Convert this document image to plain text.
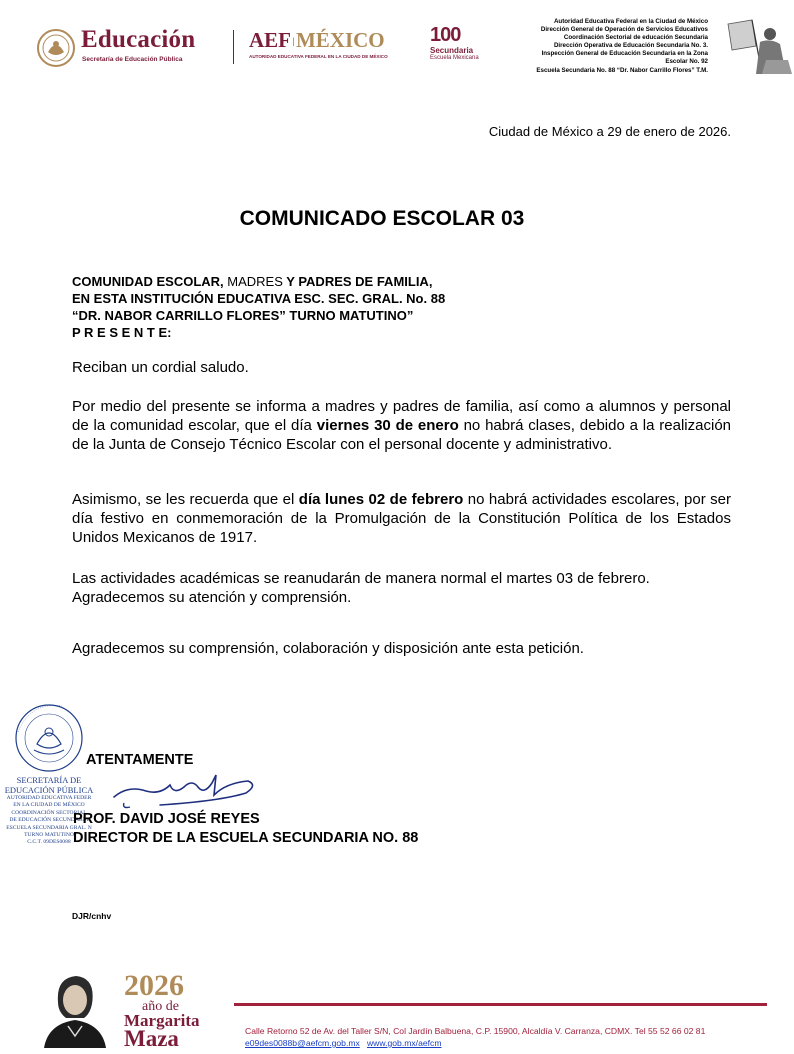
Educación
Secretaría de Educación Pública
AEF│MÉXICO
AUTORIDAD EDUCATIVA FEDERAL EN LA CIUDAD DE MÉXICO
100
Secundaria
Escuela Mexicana
Autoridad Educativa Federal en la Ciudad de México
Dirección General de Operación de Servicios Educativos
Coordinación Sectorial de educación Secundaria
Dirección Operativa de Educación Secundaria No. 3.
Inspección General de Educación Secundaria en la Zona
Escolar No. 92
Escuela Secundaria No. 88 “Dr. Nabor Carrillo Flores” T.M.
Ciudad de México a 29 de enero de 2026.
COMUNICADO ESCOLAR 03
COMUNIDAD ESCOLAR, MADRES Y PADRES DE FAMILIA,
EN ESTA INSTITUCIÓN EDUCATIVA ESC. SEC. GRAL. No. 88
“DR. NABOR CARRILLO FLORES” TURNO MATUTINO”
P R E S E N T E:
Reciban un cordial saludo.
Por medio del presente se informa a madres y padres de familia, así como a alumnos y personal de la comunidad escolar, que el día viernes 30 de enero no habrá clases, debido a la realización de la Junta de Consejo Técnico Escolar con el personal docente y administrativo.
Asimismo, se les recuerda que el día lunes 02 de febrero no habrá actividades escolares, por ser día festivo en conmemoración de la Promulgación de la Constitución Política de los Estados Unidos Mexicanos de 1917.
Las actividades académicas se reanudarán de manera normal el martes 03 de febrero.
Agradecemos su atención y comprensión.
Agradecemos su comprensión, colaboración y disposición ante esta petición.
SECRETARÍA DE
EDUCACIÓN PÚBLICA
AUTORIDAD EDUCATIVA FEDER
EN LA CIUDAD DE MÉXICO
COORDINACIÓN SECTORIAL
DE EDUCACIÓN SECUNDARIA
ESCUELA SECUNDARIA GRAL. N
TURNO MATUTINO
C.C.T. 09DES0088
ATENTAMENTE
PROF. DAVID JOSÉ REYES
DIRECTOR DE LA ESCUELA SECUNDARIA NO. 88
DJR/cnhv
2026
año de
Margarita
Maza	Calle Retorno 52 de Av. del Taller S/N, Col Jardín Balbuena, C.P. 15900, Alcaldía V. Carranza, CDMX. Tel 55 52 66 02 81
e09des0088b@aefcm.gob.mx www.gob.mx/aefcm
